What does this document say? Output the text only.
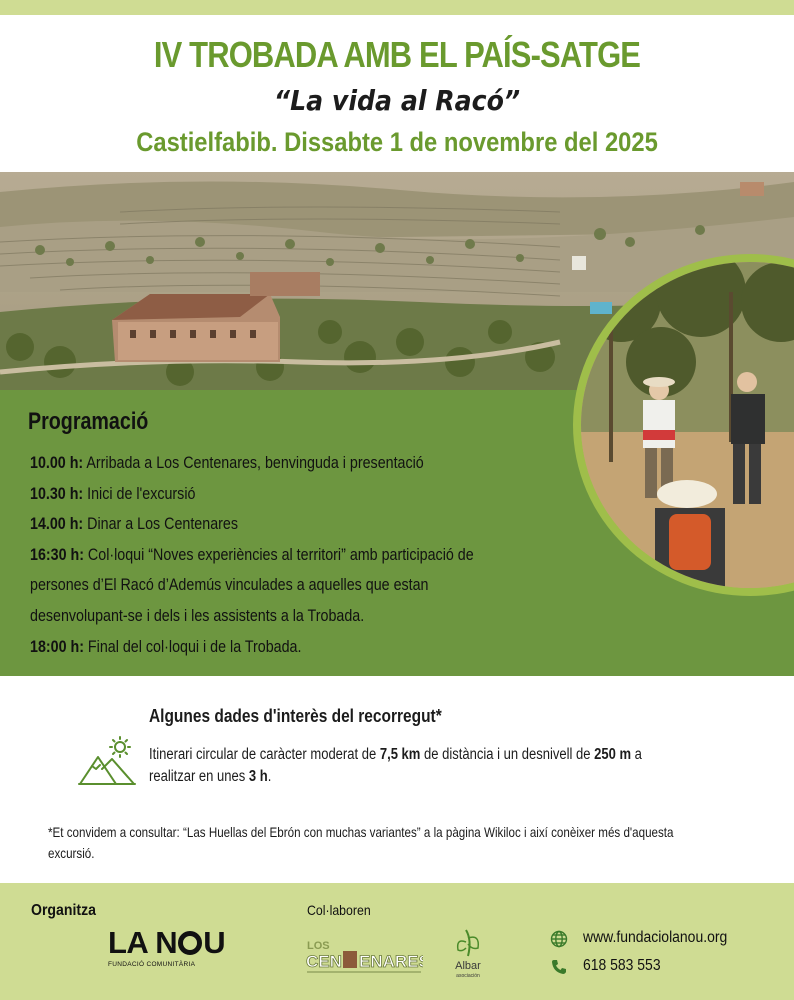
IV TROBADA AMB EL PAÍS-SATGE
“La vida al Racó”
Castielfabib. Dissabte 1 de novembre del 2025
Programació
10.00 h: Arribada a Los Centenares, benvinguda i presentació
10.30 h: Inici de l'excursió
14.00 h: Dinar a Los Centenares
16:30 h: Col·loqui “Noves experiències al territori” amb participació de
persones d’El Racó d’Ademús vinculades a aquelles que estan
desenvolupant-se i dels i les assistents a la Trobada.
18:00 h: Final del col·loqui i de la Trobada.
Algunes dades d'interès del recorregut*
Itinerari circular de caràcter moderat de 7,5 km de distància i un desnivell de 250 m a realitzar en unes 3 h.
*Et convidem a consultar: “Las Huellas del Ebrón con muchas variantes” a la pàgina Wikiloc i així conèixer més d'aquesta excursió.
Organitza	Col·laboren
LA N U
FUNDACIÓ COMUNITÀRIA
LOS
CEN ENARES Albar
asociación
www.fundaciolanou.org
618 583 553
